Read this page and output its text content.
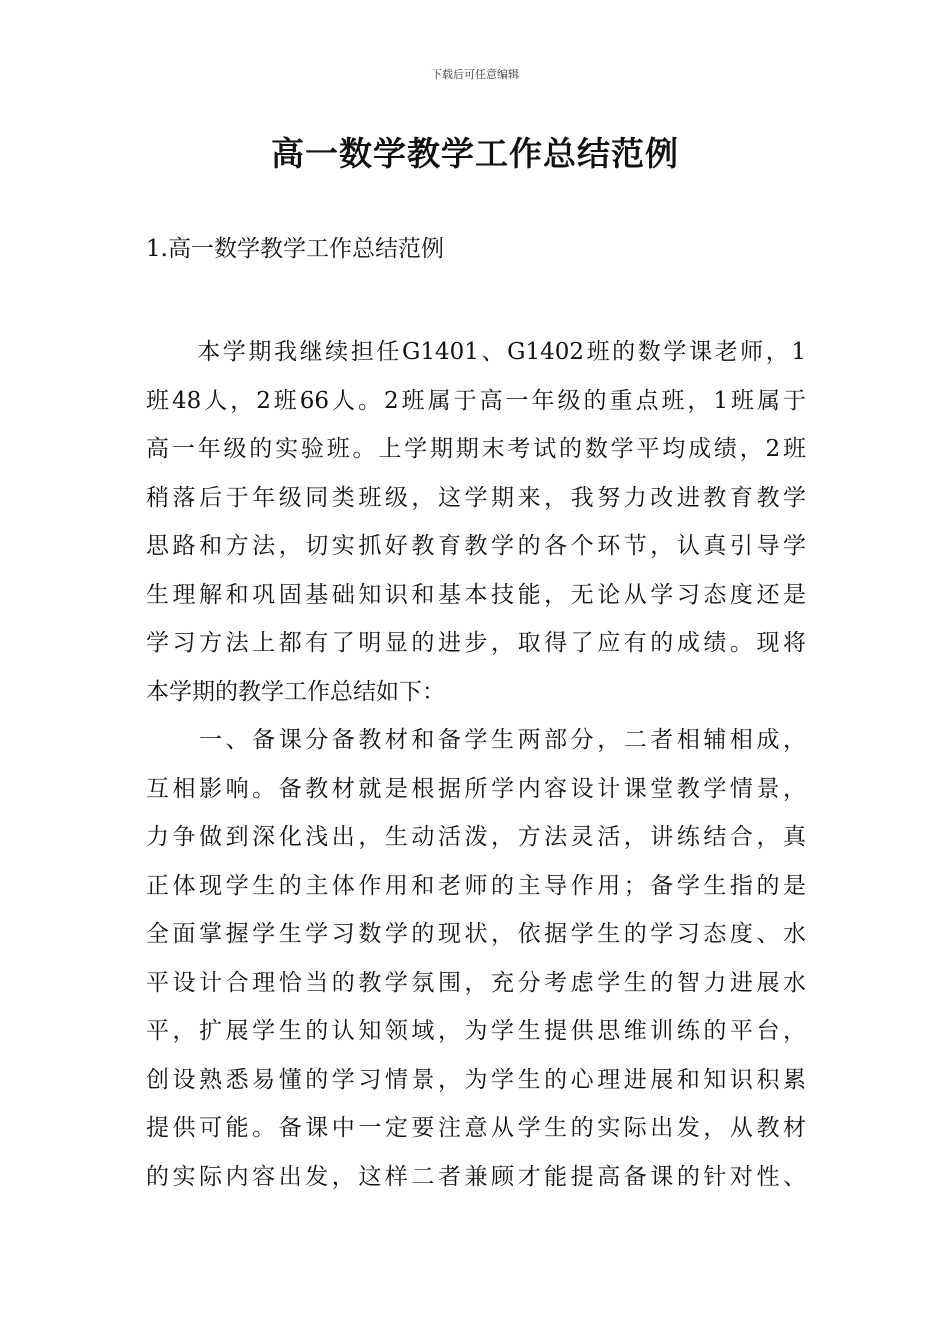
下载后可任意编辑
高一数学教学工作总结范例
1.高一数学教学工作总结范例

　　本学期我继续担任G1401、G1402班的数学课老师，1
班48人，2班66人。2班属于高一年级的重点班，1班属于
高一年级的实验班。上学期期末考试的数学平均成绩，2班
稍落后于年级同类班级，这学期来，我努力改进教育教学
思路和方法，切实抓好教育教学的各个环节，认真引导学
生理解和巩固基础知识和基本技能，无论从学习态度还是
学习方法上都有了明显的进步，取得了应有的成绩。现将
本学期的教学工作总结如下：

　　一、备课分备教材和备学生两部分，二者相辅相成，
互相影响。备教材就是根据所学内容设计课堂教学情景，
力争做到深化浅出，生动活泼，方法灵活，讲练结合，真
正体现学生的主体作用和老师的主导作用；备学生指的是
全面掌握学生学习数学的现状，依据学生的学习态度、水
平设计合理恰当的教学氛围，充分考虑学生的智力进展水
平，扩展学生的认知领域，为学生提供思维训练的平台，
创设熟悉易懂的学习情景，为学生的心理进展和知识积累
提供可能。备课中一定要注意从学生的实际出发，从教材
的实际内容出发，这样二者兼顾才能提高备课的针对性、
